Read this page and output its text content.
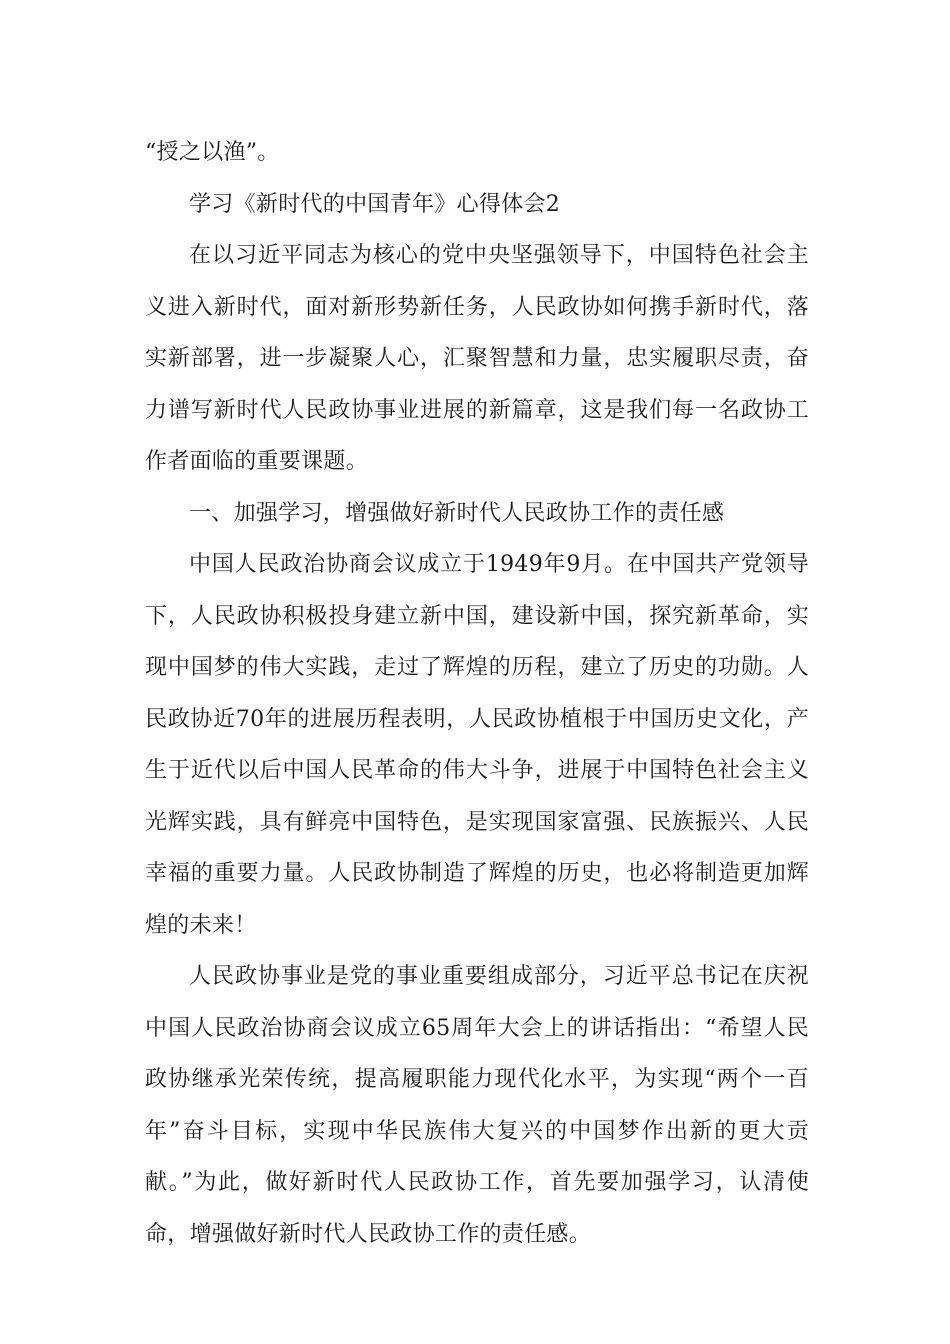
“授之以渔”。

学习《新时代的中国青年》心得体会2

在以习近平同志为核心的党中央坚强领导下，中国特色社会主义进入新时代，面对新形势新任务，人民政协如何携手新时代，落实新部署，进一步凝聚人心，汇聚智慧和力量，忠实履职尽责，奋力谱写新时代人民政协事业进展的新篇章，这是我们每一名政协工作者面临的重要课题。

一、加强学习，增强做好新时代人民政协工作的责任感

中国人民政治协商会议成立于1949年9月。在中国共产党领导下，人民政协积极投身建立新中国，建设新中国，探究新革命，实现中国梦的伟大实践，走过了辉煌的历程，建立了历史的功勋。人民政协近70年的进展历程表明，人民政协植根于中国历史文化，产生于近代以后中国人民革命的伟大斗争，进展于中国特色社会主义光辉实践，具有鲜亮中国特色，是实现国家富强、民族振兴、人民幸福的重要力量。人民政协制造了辉煌的历史，也必将制造更加辉煌的未来！

人民政协事业是党的事业重要组成部分，习近平总书记在庆祝中国人民政治协商会议成立65周年大会上的讲话指出：“希望人民政协继承光荣传统，提高履职能力现代化水平，为实现“两个一百年”奋斗目标，实现中华民族伟大复兴的中国梦作出新的更大贡献。”为此，做好新时代人民政协工作，首先要加强学习，认清使命，增强做好新时代人民政协工作的责任感。
